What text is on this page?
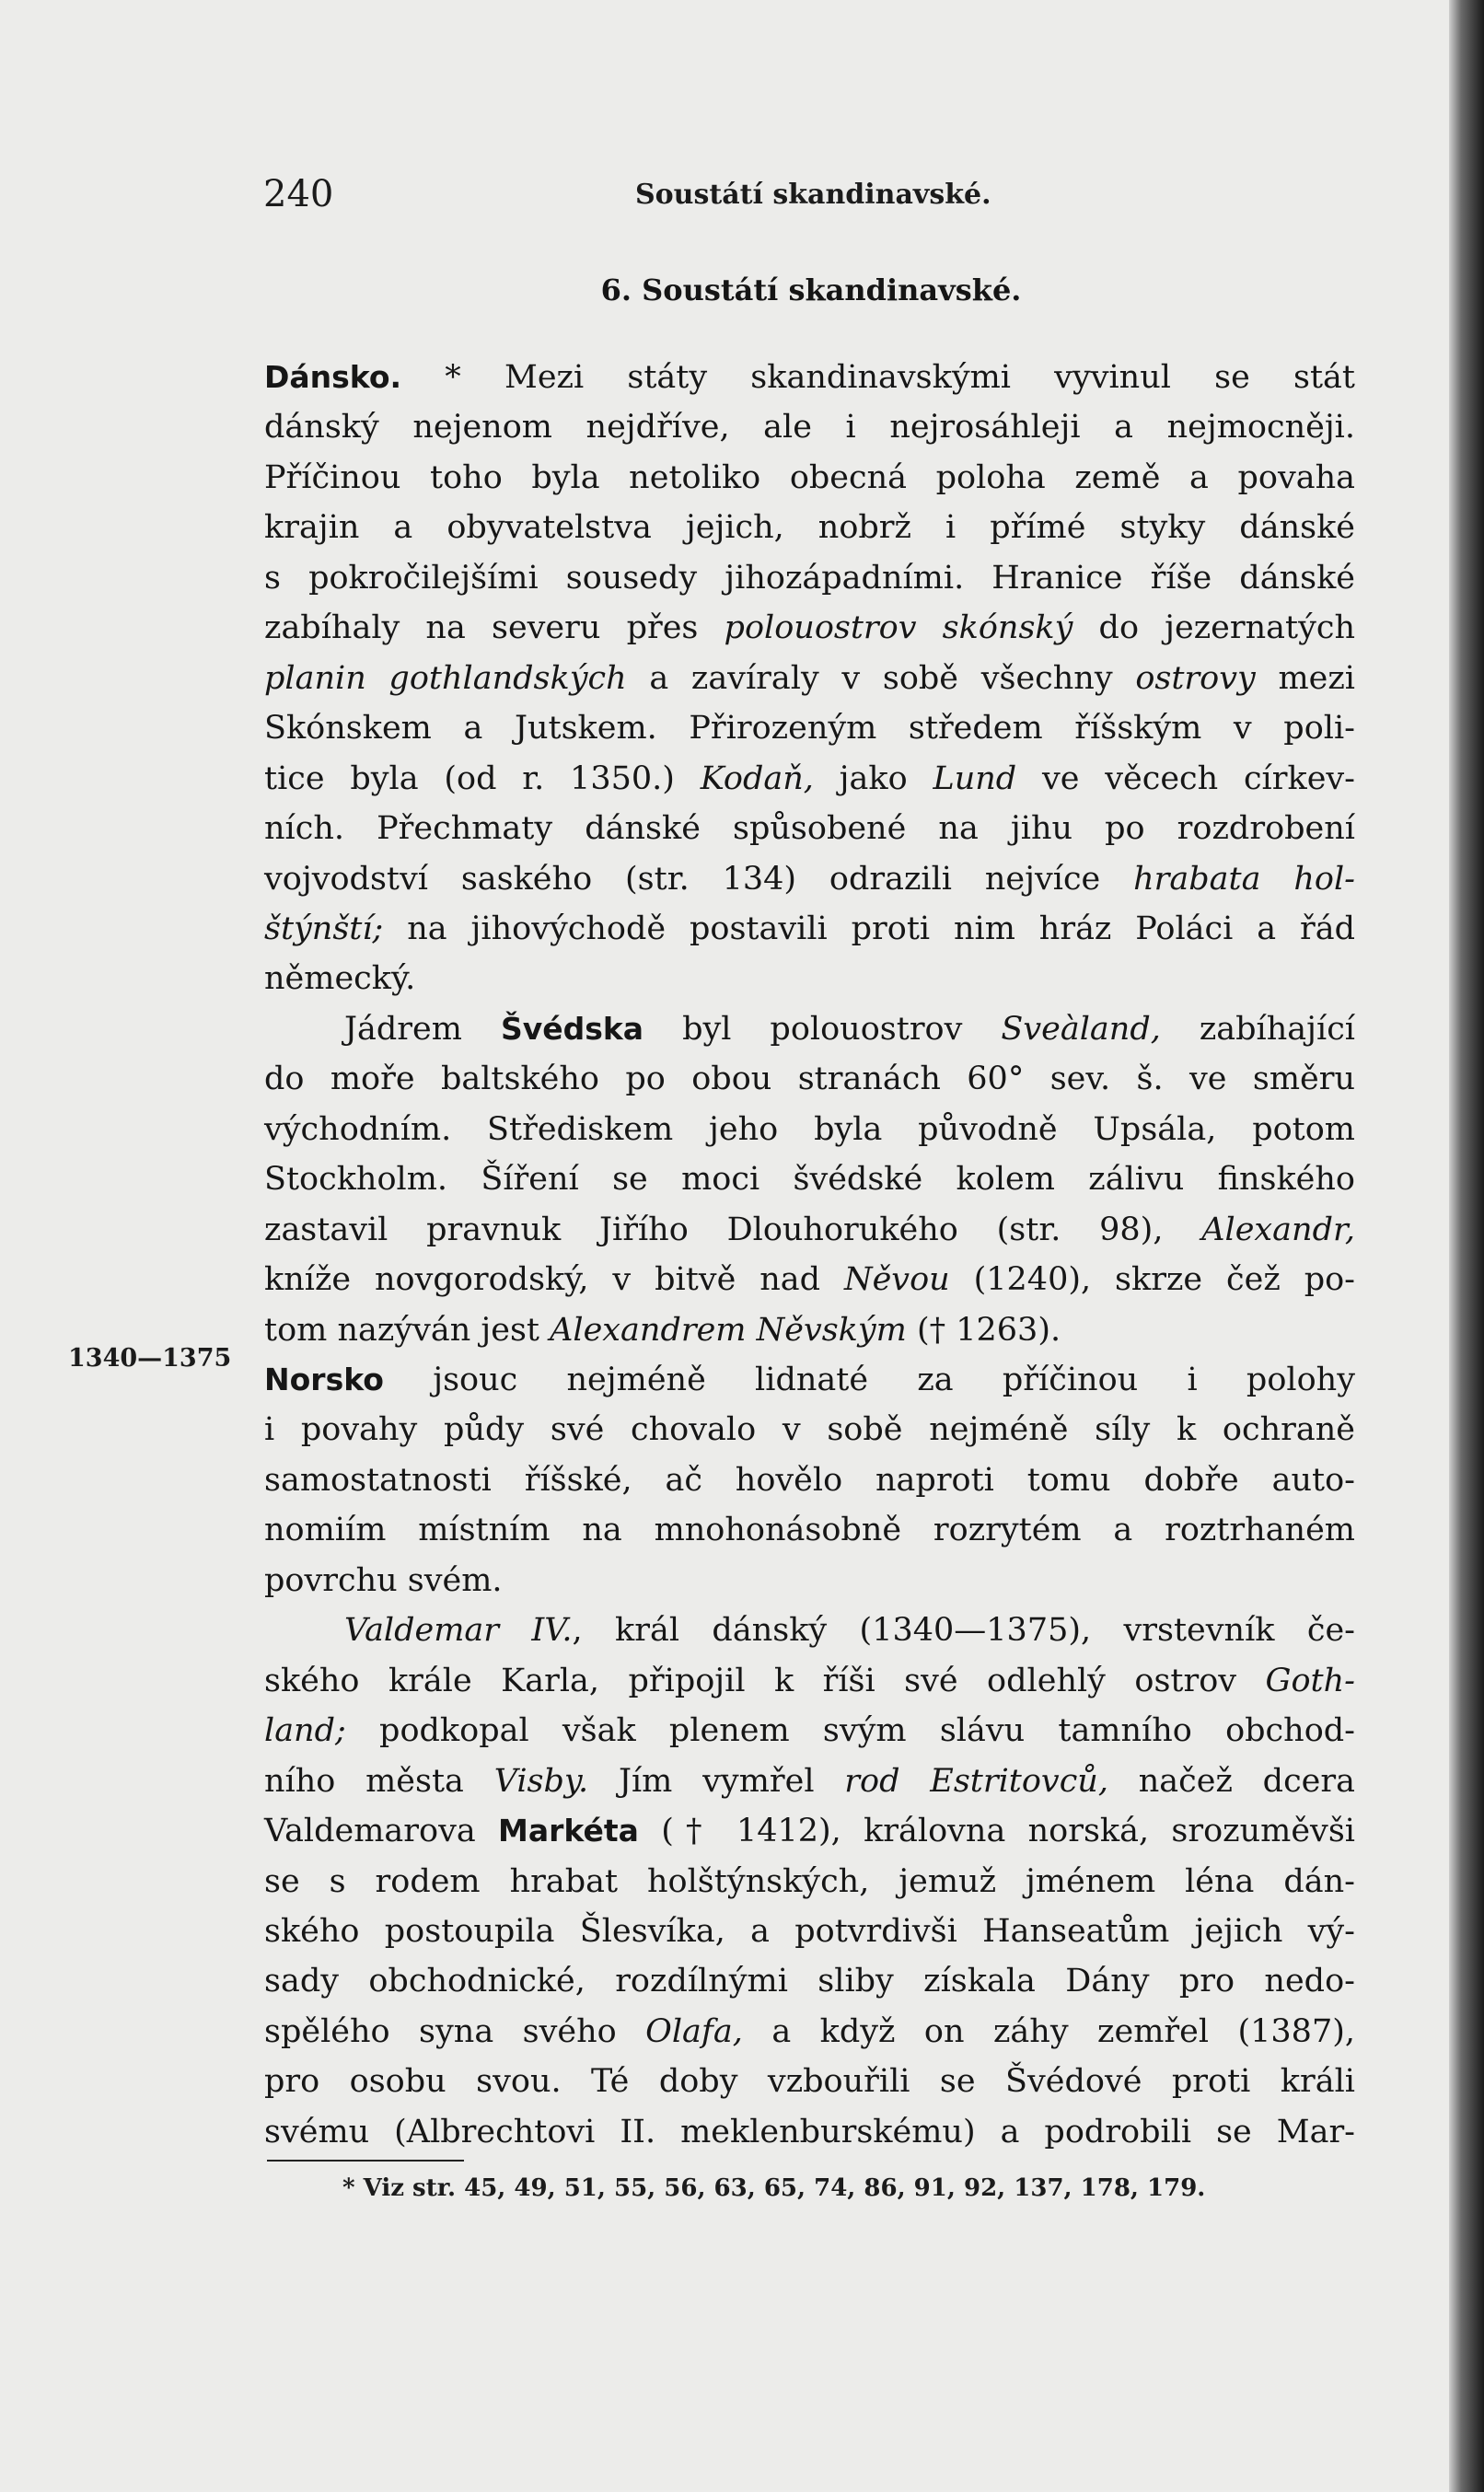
240	Soustátí skandinavské.
6. Soustátí skandinavské.
1340—1375
* Viz str. 45, 49, 51, 55, 56, 63, 65, 74, 86, 91, 92, 137, 178, 179.
Dánsko. * Mezi státy skandinavskými vyvinul se stát
dánský nejenom nejdříve, ale i nejrosáhleji a nejmocněji.
Příčinou toho byla netoliko obecná poloha země a povaha
krajin a obyvatelstva jejich, nobrž i přímé styky dánské
s pokročilejšími sousedy jihozápadními. Hranice říše dánské
zabíhaly na severu přes polouostrov skónský do jezernatých
planin gothlandských a zavíraly v sobě všechny ostrovy mezi
Skónskem a Jutskem. Přirozeným středem říšským v poli-
tice byla (od r. 1350.) Kodaň, jako Lund ve věcech církev-
ních. Přechmaty dánské spůsobené na jihu po rozdrobení
vojvodství saského (str. 134) odrazili nejvíce hrabata hol-
štýnští; na jihovýchodě postavili proti nim hráz Poláci a řád
německý.
Jádrem Švédska byl polouostrov Sveàland, zabíhající
do moře baltského po obou stranách 60° sev. š. ve směru
východním. Střediskem jeho byla původně Upsála, potom
Stockholm. Šíření se moci švédské kolem zálivu finského
zastavil pravnuk Jiřího Dlouhorukého (str. 98), Alexandr,
kníže novgorodský, v bitvě nad Něvou (1240), skrze čež po-
tom nazýván jest Alexandrem Něvským († 1263).
Norsko jsouc nejméně lidnaté za příčinou i polohy
i povahy půdy své chovalo v sobě nejméně síly k ochraně
samostatnosti říšské, ač hovělo naproti tomu dobře auto-
nomiím místním na mnohonásobně rozrytém a roztrhaném
povrchu svém.
Valdemar IV., král dánský (1340—1375), vrstevník če-
ského krále Karla, připojil k říši své odlehlý ostrov Goth-
land; podkopal však plenem svým slávu tamního obchod-
ního města Visby. Jím vymřel rod Estritovců, načež dcera
Valdemarova Markéta († 1412), královna norská, srozuměvši
se s rodem hrabat holštýnských, jemuž jménem léna dán-
ského postoupila Šlesvíka, a potvrdivši Hanseatům jejich vý-
sady obchodnické, rozdílnými sliby získala Dány pro nedo-
spělého syna svého Olafa, a když on záhy zemřel (1387),
pro osobu svou. Té doby vzbouřili se Švédové proti králi
svému (Albrechtovi II. meklenburskému) a podrobili se Mar-
